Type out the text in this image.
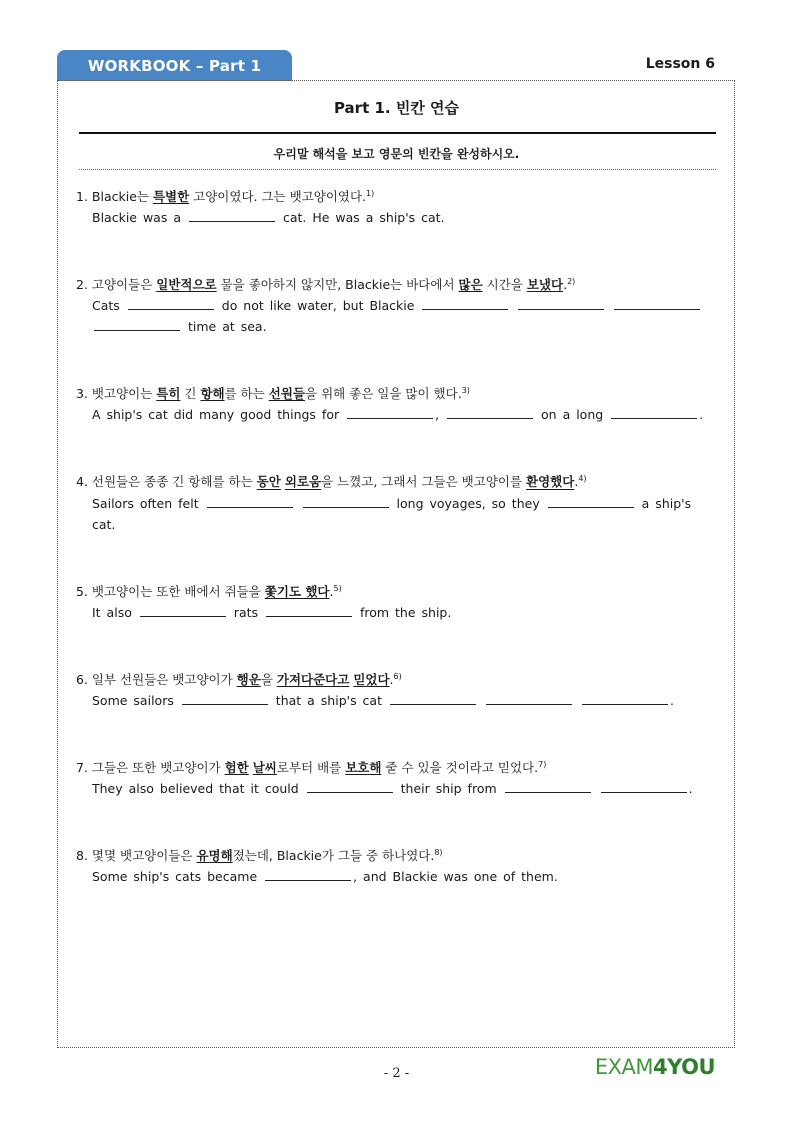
WORKBOOK – Part 1	Lesson 6
Part 1. 빈칸 연습
우리말 해석을 보고 영문의 빈칸을 완성하시오.
1. Blackie는 특별한 고양이였다. 그는 뱃고양이였다.$^{1)}$
Blackie was a	cat. He was a ship's cat.
2. 고양이들은 일반적으로 물을 좋아하지 않지만, Blackie는 바다에서 많은 시간을 보냈다.$^{2)}$
Cats	do not like water, but Blackie     time at sea.
3. 뱃고양이는 특히 긴 항해를 하는 선원들을 위해 좋은 일을 많이 했다.$^{3)}$
A ship's cat did many good things for	,	on a long	.
4. 선원들은 종종 긴 항해를 하는 동안 외로움을 느꼈고, 그래서 그들은 뱃고양이를 환영했다.$^{4)}$
Sailors often felt	long voyages, so they	a ship's cat.
5. 뱃고양이는 또한 배에서 쥐들을 쫓기도 했다.$^{5)}$
It also	rats	from the ship.
6. 일부 선원들은 뱃고양이가 행운을 가져다준다고 믿었다.$^{6)}$
Some sailors	that a ship's cat	.
7. 그들은 또한 뱃고양이가 험한 날씨로부터 배를 보호해 줄 수 있을 것이라고 믿었다.$^{7)}$
They also believed that it could	their ship from	.
8. 몇몇 뱃고양이들은 유명해졌는데, Blackie가 그들 중 하나였다.$^{8)}$
Some ship's cats became	, and Blackie was one of them.
- 2 -	EXAM4YOU
